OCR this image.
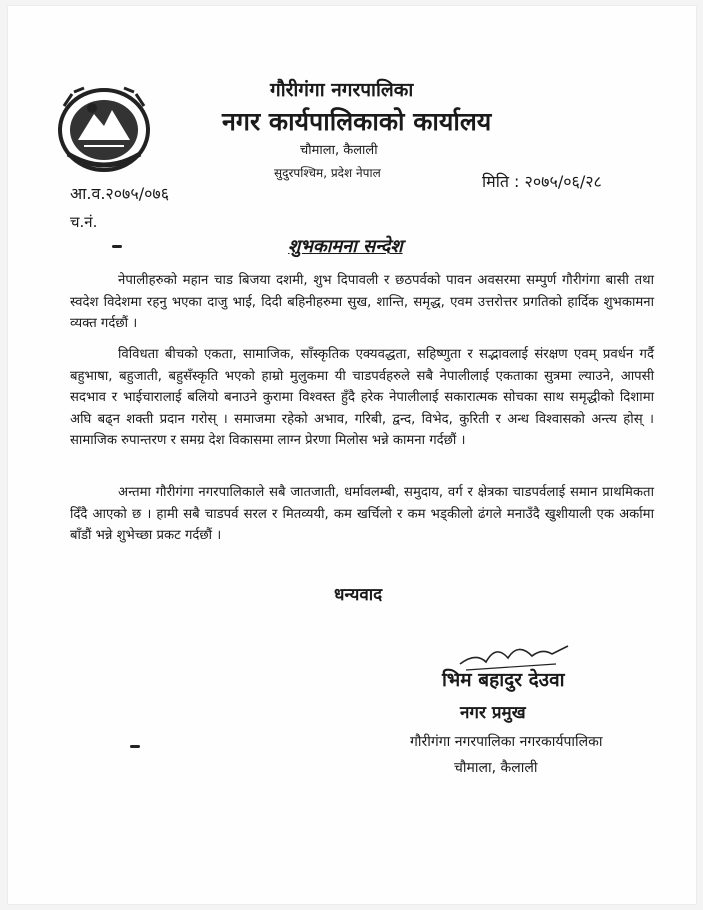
गौरीगंगा नगरपालिका
नगर कार्यपालिकाको कार्यालय
चौमाला, कैलाली
सुदुरपश्चिम, प्रदेश नेपाल	मिति : २०७५/०६/२८
आ.व.२०७५/०७६
च.नं.
शुभकामना सन्देश
नेपालीहरुको महान चाड बिजया दशमी, शुभ दिपावली र छठपर्वको पावन अवसरमा सम्पुर्ण गौरीगंगा बासी तथा स्वदेश विदेशमा रहनु भएका दाजु भाई, दिदी बहिनीहरुमा सुख, शान्ति, समृद्ध, एवम उत्तरोत्तर प्रगतिको हार्दिक शुभकामना व्यक्त गर्दछौं ।
विविधता बीचको एकता, सामाजिक, साँस्कृतिक एक्यवद्धता, सहिष्णुता र सद्भावलाई संरक्षण एवम् प्रवर्धन गर्दै बहुभाषा, बहुजाती, बहुसँस्कृति भएको हाम्रो मुलुकमा यी चाडपर्वहरुले सबै नेपालीलाई एकताका सुत्रमा ल्याउने, आपसी सदभाव र भाईचारालाई बलियो बनाउने कुरामा विश्वस्त हुँदै हरेक नेपालीलाई सकारात्मक सोचका साथ समृद्धीको दिशामा अघि बढ्न शक्ती प्रदान गरोस् । समाजमा रहेको अभाव, गरिबी, द्वन्द, विभेद, कुरिती र अन्ध विश्वासको अन्त्य होस् । सामाजिक रुपान्तरण र समग्र देश विकासमा लाग्न प्रेरणा मिलोस भन्ने कामना गर्दछौं ।
अन्तमा गौरीगंगा नगरपालिकाले सबै जातजाती, धर्मावलम्बी, समुदाय, वर्ग र क्षेत्रका चाडपर्वलाई समान प्राथमिकता दिँदै आएको छ । हामी सबै चाडपर्व सरल र मितव्ययी, कम खर्चिलो र कम भड्कीलो ढंगले मनाउँदै खुशीयाली एक अर्कामा बाँडौं भन्ने शुभेच्छा प्रकट गर्दछौं ।
धन्यवाद
भिम बहादुर देउवा
नगर प्रमुख
गौरीगंगा नगरपालिका नगरकार्यपालिका
चौमाला, कैलाली
